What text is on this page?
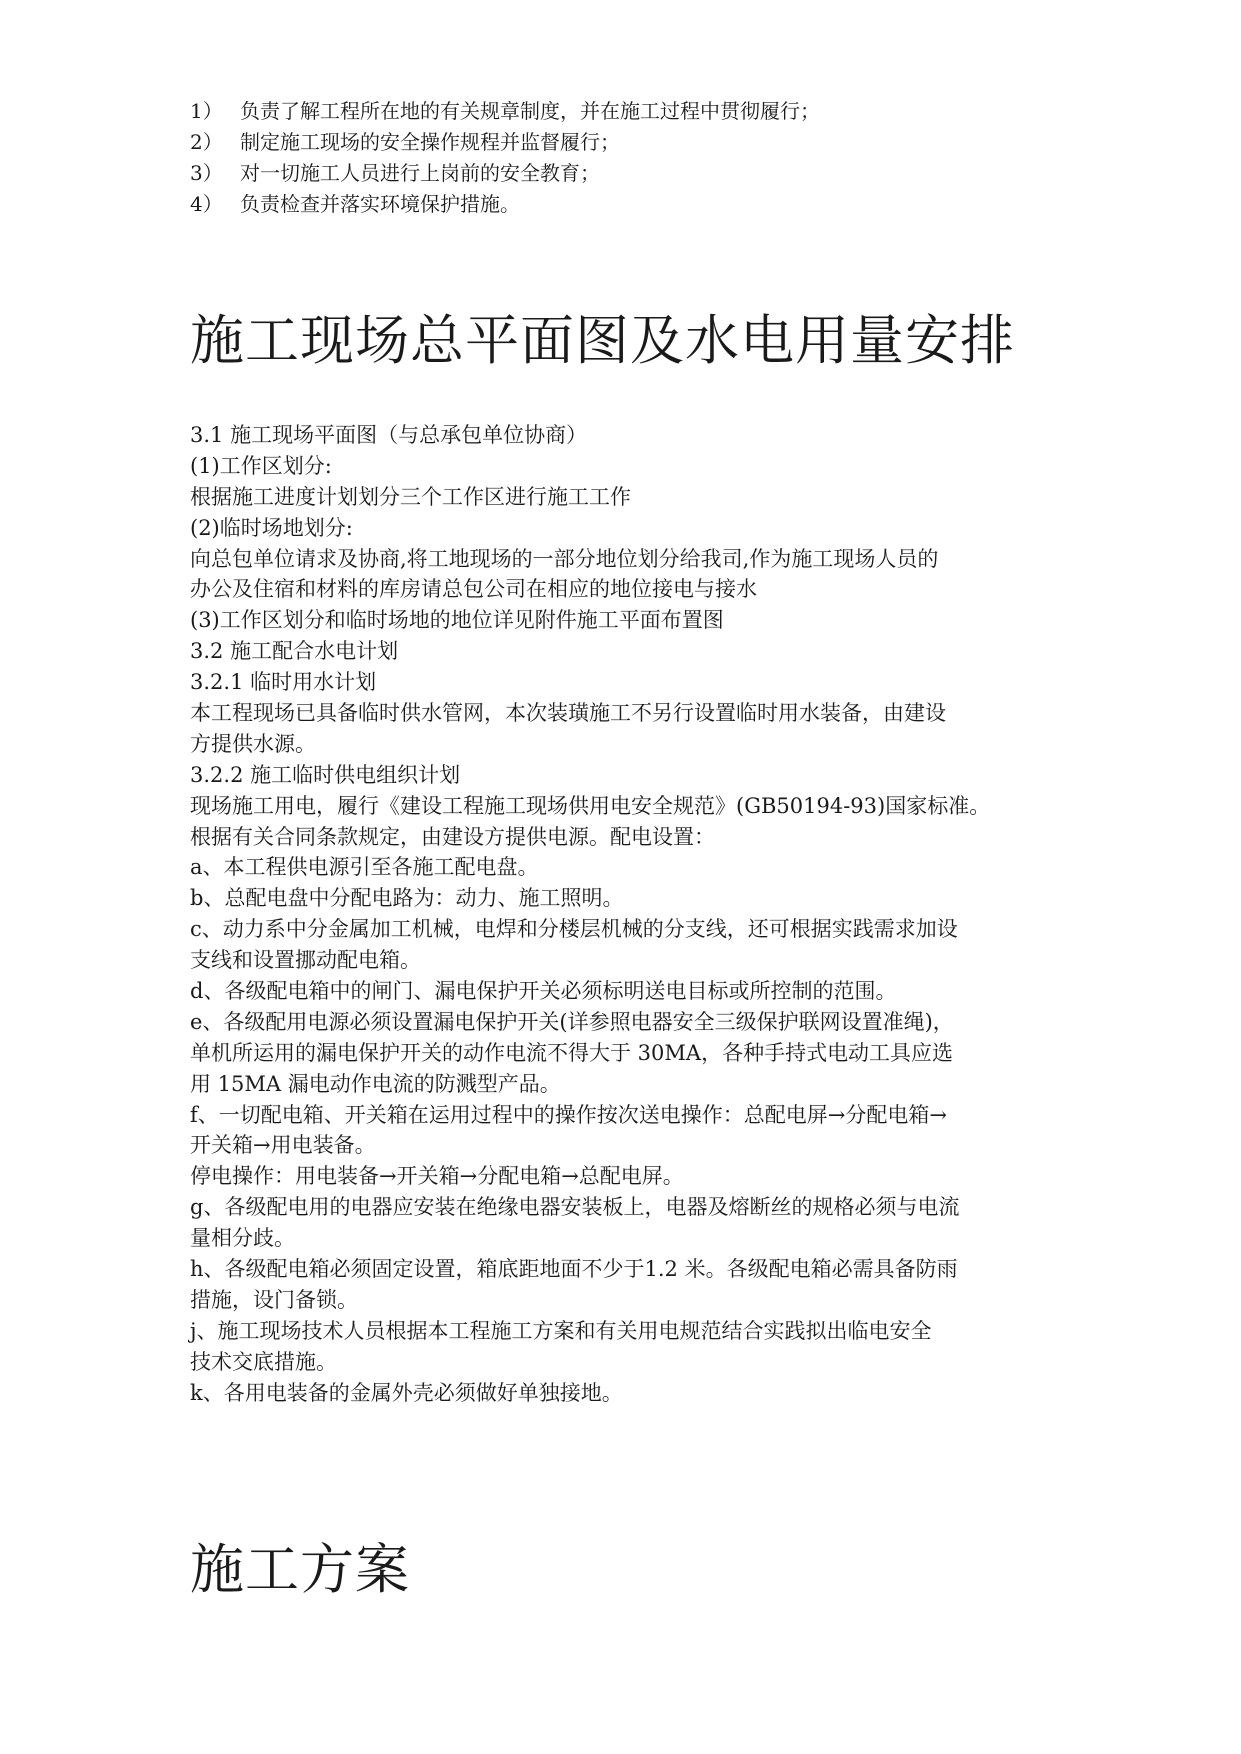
1） 负责了解工程所在地的有关规章制度，并在施工过程中贯彻履行；
2） 制定施工现场的安全操作规程并监督履行；
3） 对一切施工人员进行上岗前的安全教育；
4） 负责检查并落实环境保护措施。
施工现场总平面图及水电用量安排
3.1 施工现场平面图（与总承包单位协商）
(1)工作区划分:
根据施工进度计划划分三个工作区进行施工工作
(2)临时场地划分:
向总包单位请求及协商,将工地现场的一部分地位划分给我司,作为施工现场人员的
办公及住宿和材料的库房请总包公司在相应的地位接电与接水
(3)工作区划分和临时场地的地位详见附件施工平面布置图
3.2 施工配合水电计划
3.2.1 临时用水计划
本工程现场已具备临时供水管网，本次装璜施工不另行设置临时用水装备，由建设
方提供水源。
3.2.2 施工临时供电组织计划
现场施工用电，履行《建设工程施工现场供用电安全规范》(GB50194-93)国家标准。
根据有关合同条款规定，由建设方提供电源。配电设置：
a、本工程供电源引至各施工配电盘。
b、总配电盘中分配电路为：动力、施工照明。
c、动力系中分金属加工机械，电焊和分楼层机械的分支线，还可根据实践需求加设
支线和设置挪动配电箱。
d、各级配电箱中的闸门、漏电保护开关必须标明送电目标或所控制的范围。
e、各级配用电源必须设置漏电保护开关(详参照电器安全三级保护联网设置准绳)，
单机所运用的漏电保护开关的动作电流不得大于 30MA，各种手持式电动工具应选
用 15MA 漏电动作电流的防溅型产品。
f、一切配电箱、开关箱在运用过程中的操作按次送电操作：总配电屏→分配电箱→
开关箱→用电装备。
停电操作：用电装备→开关箱→分配电箱→总配电屏。
g、各级配电用的电器应安装在绝缘电器安装板上，电器及熔断丝的规格必须与电流
量相分歧。
h、各级配电箱必须固定设置，箱底距地面不少于1.2 米。各级配电箱必需具备防雨
措施，设门备锁。
j、施工现场技术人员根据本工程施工方案和有关用电规范结合实践拟出临电安全
技术交底措施。
k、各用电装备的金属外壳必须做好单独接地。
施工方案
